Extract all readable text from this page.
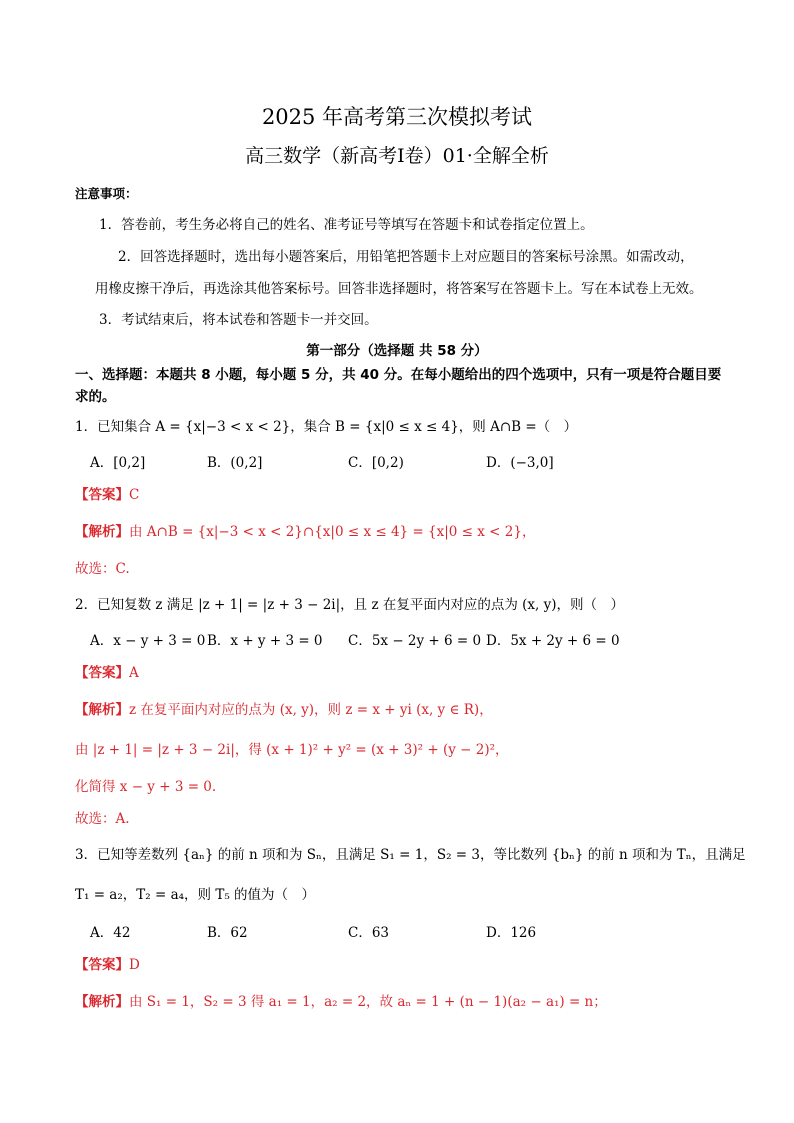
2025 年高考第三次模拟考试
高三数学（新高考Ⅰ卷）01·全解全析
注意事项：
1．答卷前，考生务必将自己的姓名、准考证号等填写在答题卡和试卷指定位置上。
2．回答选择题时，选出每小题答案后，用铅笔把答题卡上对应题目的答案标号涂黑。如需改动，
用橡皮擦干净后，再选涂其他答案标号。回答非选择题时，将答案写在答题卡上。写在本试卷上无效。
3．考试结束后，将本试卷和答题卡一并交回。
第一部分（选择题 共 58 分）
一、选择题：本题共 8 小题，每小题 5 分，共 40 分。在每小题给出的四个选项中，只有一项是符合题目要
求的。
1．已知集合 A = {x|−3 < x < 2}，集合 B = {x|0 ≤ x ≤ 4}，则 A∩B =（　）
A．[0,2]	B．(0,2]	C．[0,2)	D．(−3,0]
【答案】C
【解析】由 A∩B = {x|−3 < x < 2}∩{x|0 ≤ x ≤ 4} = {x|0 ≤ x < 2}，
故选：C.
2．已知复数 z 满足 |z + 1| = |z + 3 − 2i|，且 z 在复平面内对应的点为 (x, y)，则（　）
A．x − y + 3 = 0 B．x + y + 3 = 0 C．5x − 2y + 6 = 0 D．5x + 2y + 6 = 0
【答案】A
【解析】z 在复平面内对应的点为 (x, y)，则 z = x + yi (x, y ∈ R)，
由 |z + 1| = |z + 3 − 2i|，得 (x + 1)² + y² = (x + 3)² + (y − 2)²，
化简得 x − y + 3 = 0.
故选：A.
3．已知等差数列 {aₙ} 的前 n 项和为 Sₙ，且满足 S₁ = 1，S₂ = 3，等比数列 {bₙ} 的前 n 项和为 Tₙ，且满足
T₁ = a₂，T₂ = a₄，则 T₅ 的值为（　）
A．42	B．62	C．63	D．126
【答案】D
【解析】由 S₁ = 1，S₂ = 3 得 a₁ = 1，a₂ = 2，故 aₙ = 1 + (n − 1)(a₂ − a₁) = n；
